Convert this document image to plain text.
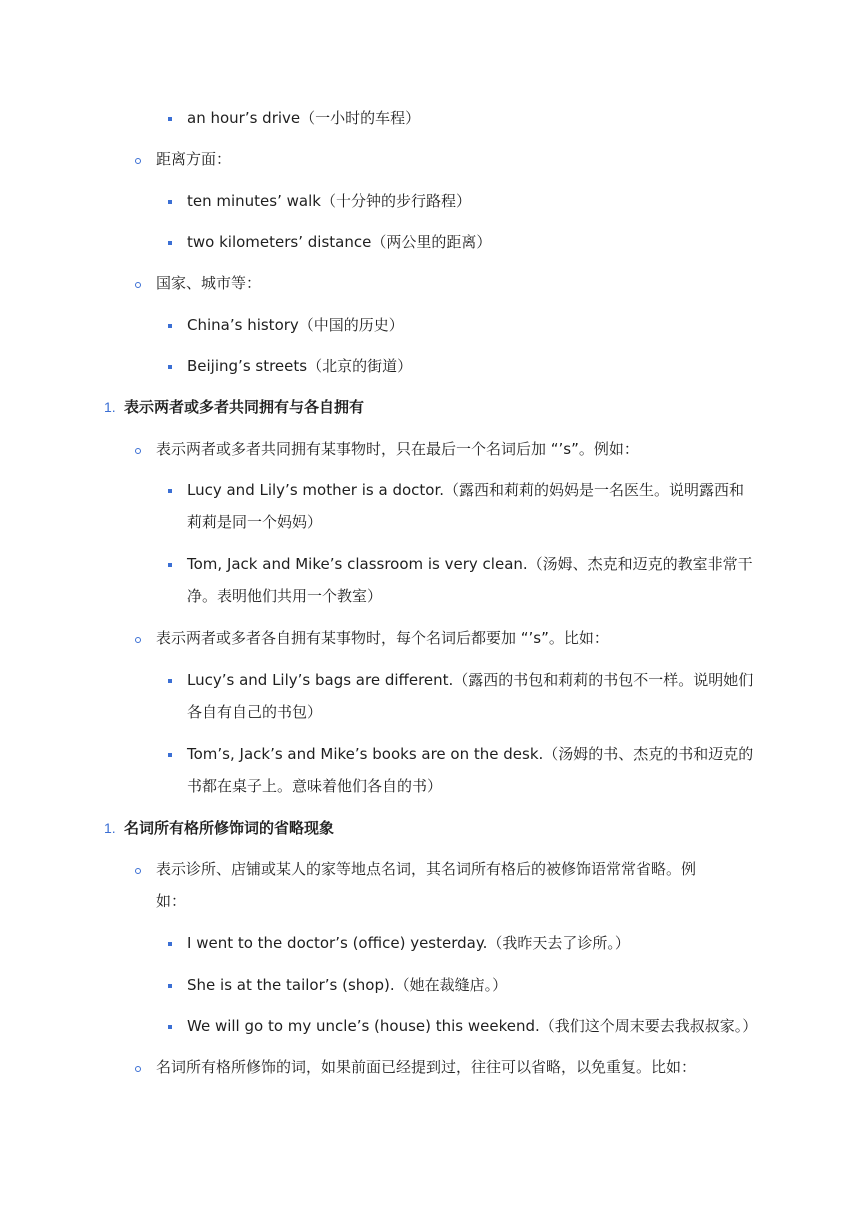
an hour’s drive（一小时的车程）
距离方面：
ten minutes’ walk（十分钟的步行路程）
two kilometers’ distance（两公里的距离）
国家、城市等：
China’s history（中国的历史）
Beijing’s streets（北京的街道）
1. 表示两者或多者共同拥有与各自拥有
表示两者或多者共同拥有某事物时，只在最后一个名词后加 “’s”。例如：
Lucy and Lily’s mother is a doctor.（露西和莉莉的妈妈是一名医生。说明露西和
莉莉是同一个妈妈）
Tom, Jack and Mike’s classroom is very clean.（汤姆、杰克和迈克的教室非常干
净。表明他们共用一个教室）
表示两者或多者各自拥有某事物时，每个名词后都要加 “’s”。比如：
Lucy’s and Lily’s bags are different.（露西的书包和莉莉的书包不一样。说明她们
各自有自己的书包）
Tom’s, Jack’s and Mike’s books are on the desk.（汤姆的书、杰克的书和迈克的
书都在桌子上。意味着他们各自的书）
1. 名词所有格所修饰词的省略现象
表示诊所、店铺或某人的家等地点名词，其名词所有格后的被修饰语常常省略。例
如：
I went to the doctor’s (office) yesterday.（我昨天去了诊所。）
She is at the tailor’s (shop).（她在裁缝店。）
We will go to my uncle’s (house) this weekend.（我们这个周末要去我叔叔家。）
名词所有格所修饰的词，如果前面已经提到过，往往可以省略，以免重复。比如：
